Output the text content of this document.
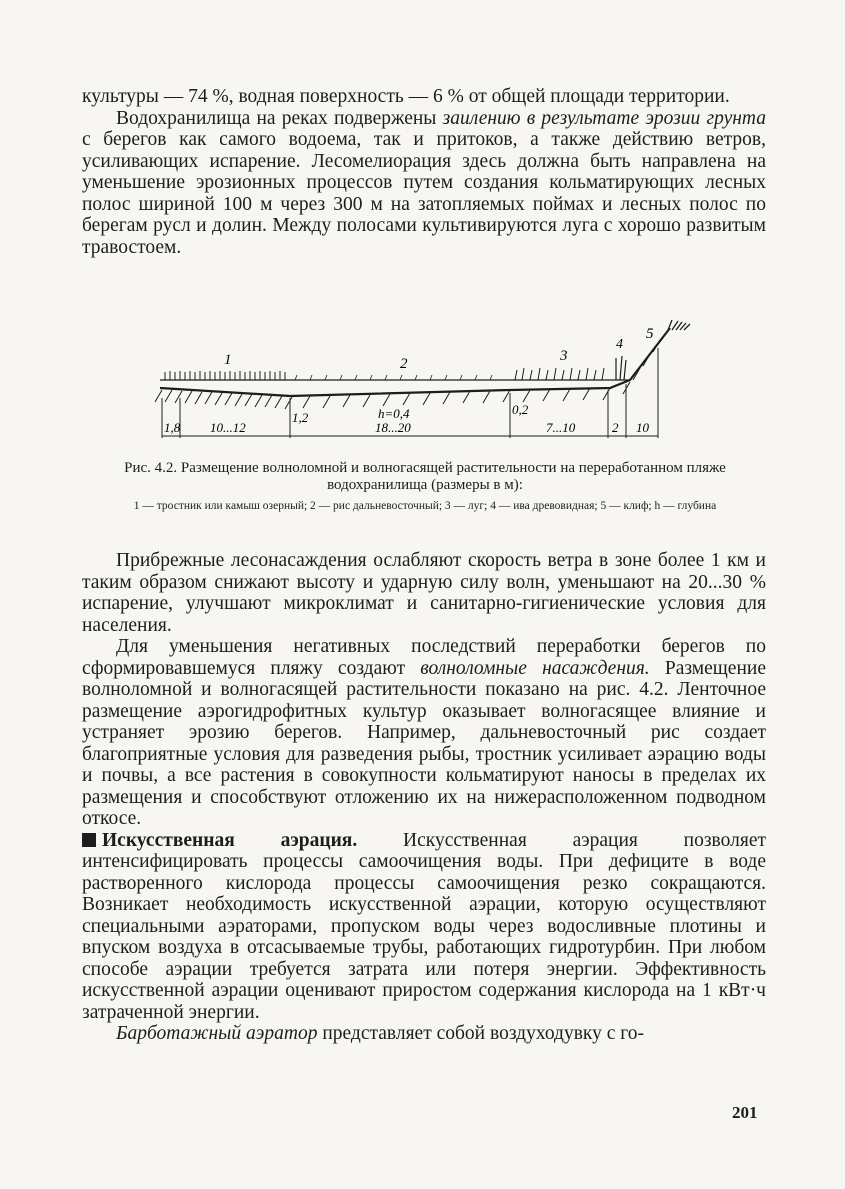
культуры — 74 %, водная поверхность — 6 % от общей площади территории.

Водохранилища на реках подвержены заилению в результате эрозии грунта с берегов как самого водоема, так и притоков, а также действию ветров, усиливающих испарение. Лесомелиорация здесь должна быть направлена на уменьшение эрозионных процессов путем создания кольматирующих лесных полос шириной 100 м через 300 м на затопляемых поймах и лесных полос по берегам русл и долин. Между полосами культивируются луга с хорошо развитым травостоем.

1	2	3
4
5
h=0,4	0,2
1,8 10...12
1,2
18...20	7...10	2 10
Рис. 4.2. Размещение волноломной и волногасящей растительности на переработанном пляже водохранилища (размеры в м):
1 — тростник или камыш озерный; 2 — рис дальневосточный; 3 — луг; 4 — ива древовидная; 5 — клиф; h — глубина

Прибрежные лесонасаждения ослабляют скорость ветра в зоне более 1 км и таким образом снижают высоту и ударную силу волн, уменьшают на 20...30 % испарение, улучшают микроклимат и санитарно-гигиенические условия для населения.

Для уменьшения негативных последствий переработки берегов по сформировавшемуся пляжу создают волноломные насаждения. Размещение волноломной и волногасящей растительности показано на рис. 4.2. Ленточное размещение аэрогидрофитных культур оказывает волногасящее влияние и устраняет эрозию берегов. Например, дальневосточный рис создает благоприятные условия для разведения рыбы, тростник усиливает аэрацию воды и почвы, а все растения в совокупности кольматируют наносы в пределах их размещения и способствуют отложению их на нижерасположенном подводном откосе.

Искусственная аэрация. Искусственная аэрация позволяет интенсифицировать процессы самоочищения воды. При дефиците в воде растворенного кислорода процессы самоочищения резко сокращаются. Возникает необходимость искусственной аэрации, которую осуществляют специальными аэраторами, пропуском воды через водосливные плотины и впуском воздуха в отсасываемые трубы, работающих гидротурбин. При любом способе аэрации требуется затрата или потеря энергии. Эффективность искусственной аэрации оценивают приростом содержания кислорода на 1 кВт·ч затраченной энергии.

Барботажный аэратор представляет собой воздуходувку с го-

201
